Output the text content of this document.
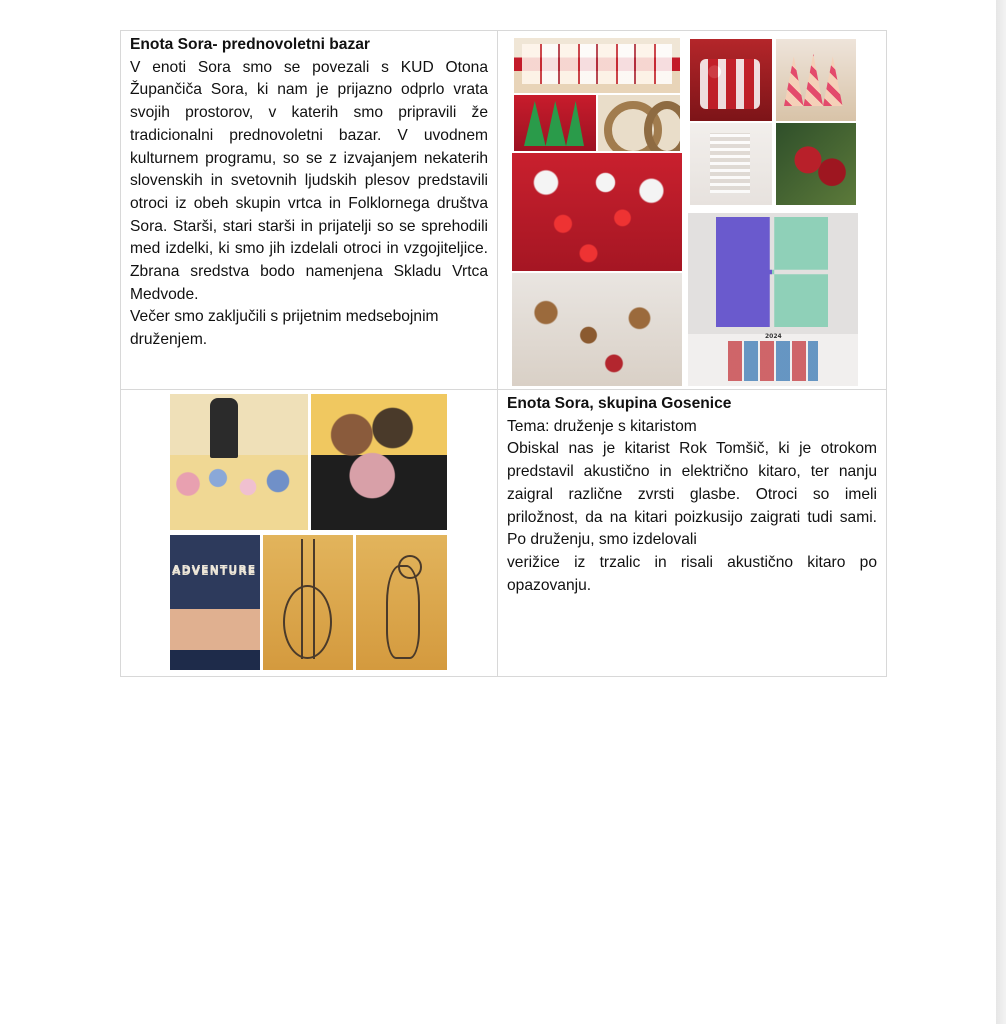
Enota Sora- prednovoletni bazar

V enoti Sora smo se povezali s KUD Otona Župančiča Sora, ki nam je prijazno odprlo vrata svojih prostorov, v katerih smo pripravili že tradicionalni prednovoletni bazar. V uvodnem kulturnem programu, so se z izvajanjem nekaterih slovenskih in svetovnih ljudskih plesov predstavili otroci iz obeh skupin vrtca in Folklornega društva Sora. Starši, stari starši in prijatelji so se sprehodili med izdelki, ki smo jih izdelali otroci in vzgojiteljice. Zbrana sredstva bodo namenjena Skladu Vrtca Medvode.

Večer smo zaključili s prijetnim medsebojnim druženjem.	2024

ADVENTURE ADVENTURE	Enota Sora, skupina Gosenice

Tema: druženje s kitaristom

Obiskal nas je kitarist Rok Tomšič, ki je otrokom predstavil akustično in električno kitaro, ter nanju zaigral različne zvrsti glasbe. Otroci so imeli priložnost, da na kitari poizkusijo zaigrati tudi sami. Po druženju, smo izdelovali

verižice iz trzalic in risali akustično kitaro po opazovanju.
